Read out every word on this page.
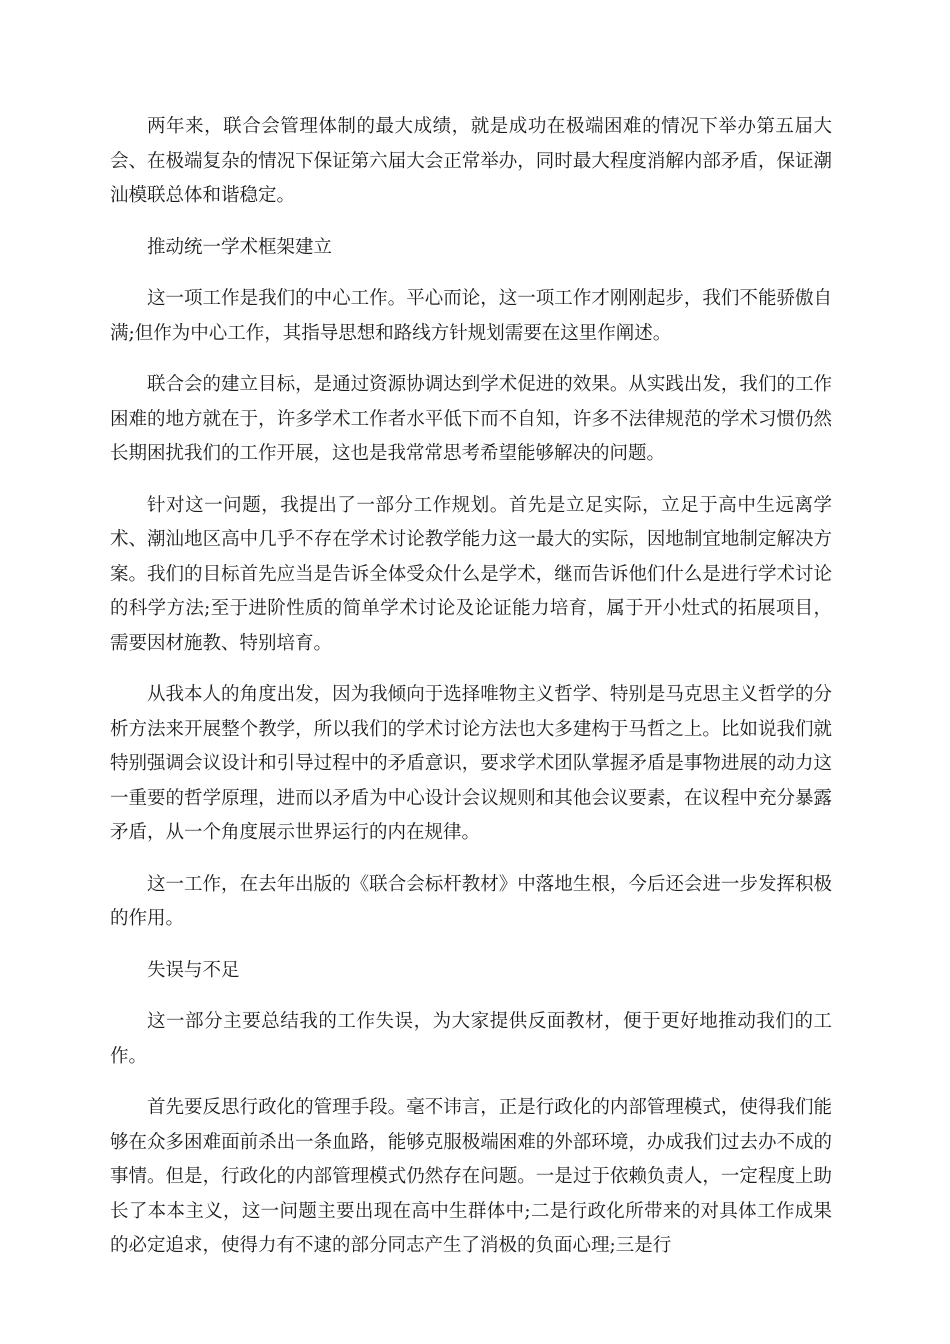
两年来，联合会管理体制的最大成绩，就是成功在极端困难的情况下举办第五届大会、在极端复杂的情况下保证第六届大会正常举办，同时最大程度消解内部矛盾，保证潮汕模联总体和谐稳定。

推动统一学术框架建立

这一项工作是我们的中心工作。平心而论，这一项工作才刚刚起步，我们不能骄傲自满;但作为中心工作，其指导思想和路线方针规划需要在这里作阐述。

联合会的建立目标，是通过资源协调达到学术促进的效果。从实践出发，我们的工作困难的地方就在于，许多学术工作者水平低下而不自知，许多不法律规范的学术习惯仍然长期困扰我们的工作开展，这也是我常常思考希望能够解决的问题。

针对这一问题，我提出了一部分工作规划。首先是立足实际，立足于高中生远离学术、潮汕地区高中几乎不存在学术讨论教学能力这一最大的实际，因地制宜地制定解决方案。我们的目标首先应当是告诉全体受众什么是学术，继而告诉他们什么是进行学术讨论的科学方法;至于进阶性质的简单学术讨论及论证能力培育，属于开小灶式的拓展项目，需要因材施教、特别培育。

从我本人的角度出发，因为我倾向于选择唯物主义哲学、特别是马克思主义哲学的分析方法来开展整个教学，所以我们的学术讨论方法也大多建构于马哲之上。比如说我们就特别强调会议设计和引导过程中的矛盾意识，要求学术团队掌握矛盾是事物进展的动力这一重要的哲学原理，进而以矛盾为中心设计会议规则和其他会议要素，在议程中充分暴露矛盾，从一个角度展示世界运行的内在规律。

这一工作，在去年出版的《联合会标杆教材》中落地生根，今后还会进一步发挥积极的作用。

失误与不足

这一部分主要总结我的工作失误，为大家提供反面教材，便于更好地推动我们的工作。

首先要反思行政化的管理手段。毫不讳言，正是行政化的内部管理模式，使得我们能够在众多困难面前杀出一条血路，能够克服极端困难的外部环境，办成我们过去办不成的事情。但是，行政化的内部管理模式仍然存在问题。一是过于依赖负责人，一定程度上助长了本本主义，这一问题主要出现在高中生群体中;二是行政化所带来的对具体工作成果的必定追求，使得力有不逮的部分同志产生了消极的负面心理;三是行
